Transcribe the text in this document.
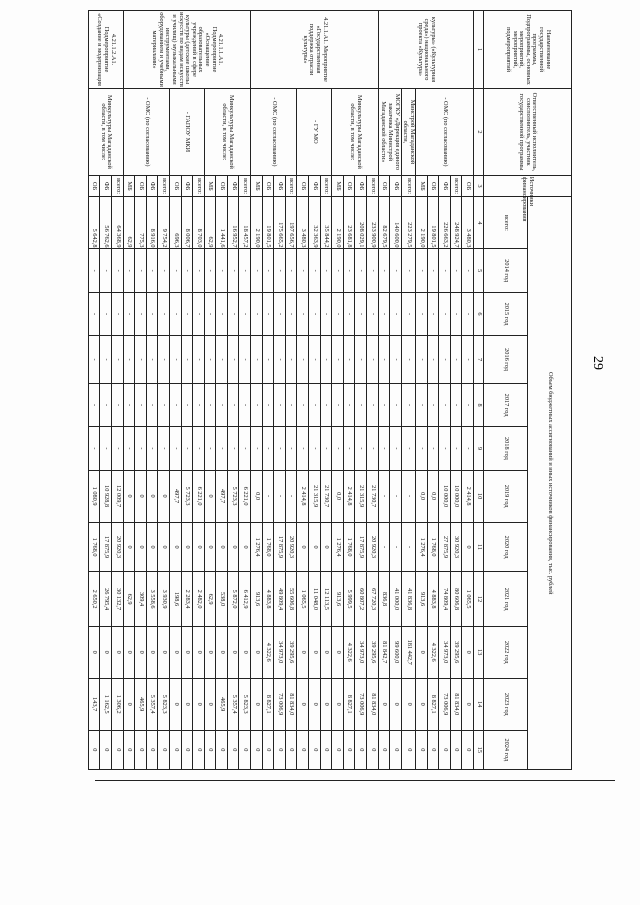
29
Наименование государственной программы, Подпрограммы, основных мероприятий, мероприятий, подмероприятий	Ответственный исполнитель, соисполнитель, участник государственной программы	Источники финансирования	Объем бюджетных ассигнований и иных источников финансирования, тыс. рублей											
			всего:	2014 год	2015 год	2016 год	2017 год	2018 год	2019 год	2020 год	2021 год	2022 год	2023 год	2024 год
1	2	3	4	5	6	7	8	9	10	11	12	13	14	15
культуры» («Культурная среда») национального проекта «Культура»	- ОМС (по согласованию)	ОБ	3 480,3	-	-	-	-	-	2 414,8	0	1 065,5	0	0	0
		всего:	248 924,7	-	-	-	-	-	10 000,0	30 920,3	80 606,8	39 295,6	81 834,0	0
		ФБ	226 663,2	-	-	-	-	-	10 000,0	27 875,9	74 809,4	34 973,0	73 006,9	0
		ОБ	19 801,5	-	-	-	-	-	0,0	1 768,0	4 883,8	4 322,6	8 827,1	0
		МБ	2 190,0	-	-	-	-	-	0,0	1 276,4	913,6	0	0	0
	Минстрой Магаданской области,	всего:	223 279,5	-	-	-	-	-	-	-	41 836,8	181 442,7	0	0
	МОГКУ «Дирекция единого заказчика Министрой Магаданской области»	ФБ	140 600,0	-	-	-	-	-	-	-	41 000,0	99 600,0	0	0
		ОБ	82 679,5	-	-	-	-	-	-	-	836,8	81 842,7	0	0
4.21.1.А1. Мероприятие «Государственная поддержка отрасли культуры»	Минкультуры Магаданской области, в том числе:	всего:	233 900,9	-	-	-	-	-	21 730,7	20 920,3	67 720,3	39 295,6	81 834,0	0
		ФБ	208 029,1	-	-	-	-	-	21 315,9	17 875,9	60 807,2	34 973,0	73 006,9	0
		ОБ	23 681,8	-	-	-	-	-	2 414,8	1 768,0	5 999,5	4 322,6	8 827,1	0
		МБ	2 190,0	-	-	-	-	-	0,0	1 276,4	913,6	0	0	0
	- ГУ МО	всего:	35 844,2	-	-	-	-	-	21 730,7	0	12 113,5	0	0	0
		ФБ	32 363,9	-	-	-	-	-	21 315,9	0	11 048,0	0	0	0
		ОБ	3 480,3	-	-	-	-	-	2 414,8	0	1 065,5	0	0	0
	- ОМС (по согласованию)	всего:	197 656,7	-	-	-	-	-	-	20 920,3	55 606,8	39 295,6	81 834,0	0
		ФБ	175 665,2	-	-	-	-	-	-	17 875,9	49 809,4	34 973,0	73 006,9	0
		ОБ	19 801,5	-	-	-	-	-	-	1 768,0	4 883,8	4 322,6	8 827,1	0
		МБ	2 190,0	-	-	-	-	-	0,0	1 276,4	913,6	0	0	0
4.21.1.1.А1. Подмероприятие «Оснащение образовательных учреждений в сфере культуры (детские школы искусств по видам искусств и училищ) музыкальными инструментами, оборудованием и учебными материалами»	Минкультуры Магаданской области, в том числе:	всего:	18 457,2	-	-	-	-	-	6 221,0	0	6 412,9	0	5 823,3	0
		ФБ	16 952,7	-	-	-	-	-	5 723,3	0	5 872,0	0	5 357,4	0
		ОБ	1 441,6	-	-	-	-	-	497,7	0	538,0	0	465,9	0
		МБ	62,9	-	-	-	-	-	0	0	62,9	0	0	0
	- ГАПОУ МКИ	всего:	8 703,0	-	-	-	-	-	6 221,0	0	2 482,0	0	0	0
		ФБ	8 006,7	-	-	-	-	-	5 723,3	0	2 283,4	0	0	0
		ОБ	696,3	-	-	-	-	-	497,7	0	198,6	0	0	0
	- ОМС (по согласованию)	всего:	9 754,2	-	-	-	-	-	0	0	3 930,9	0	5 823,3	0
		ФБ	8 916,0	-	-	-	-	-	0	0	3 558,6	0	5 357,4	0
		ОБ	775,3	-	-	-	-	-	0	0	309,4	0	465,9	0
		МБ	62,9	-	-	-	-	-	0	0	62,9	0	0	0
4.21.1.2.А1. Подмероприятие «Создание и модернизация	Минкультуры Магаданской области, в том числе:	всего:	64 368,9	-	-	-	-	-	12 009,7	20 920,3	30 132,7	0	1 306,2	0
		ФБ	56 762,6	-	-	-	-	-	10 928,8	17 875,9	26 795,4	0	1 162,5	0
		ОБ	5 642,8	-	-	-	-	-	1 080,9	1 768,0	2 650,2	0	143,7	0
